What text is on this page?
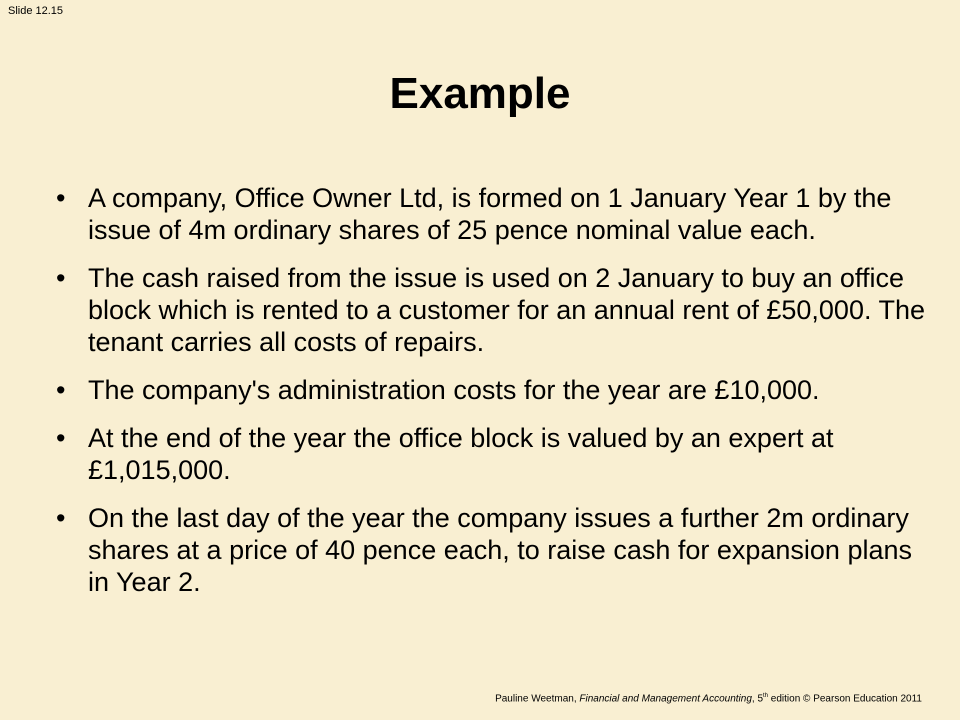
Slide 12.15
Example
• A company, Office Owner Ltd, is formed on 1 January Year 1 by the issue of 4m ordinary shares of 25 pence nominal value each.
• The cash raised from the issue is used on 2 January to buy an office block which is rented to a customer for an annual rent of £50,000. The tenant carries all costs of repairs.
• The company's administration costs for the year are £10,000.
• At the end of the year the office block is valued by an expert at £1,015,000.
• On the last day of the year the company issues a further 2m ordinary shares at a price of 40 pence each, to raise cash for expansion plans in Year 2.
Pauline Weetman, Financial and Management Accounting, 5th edition © Pearson Education 2011
